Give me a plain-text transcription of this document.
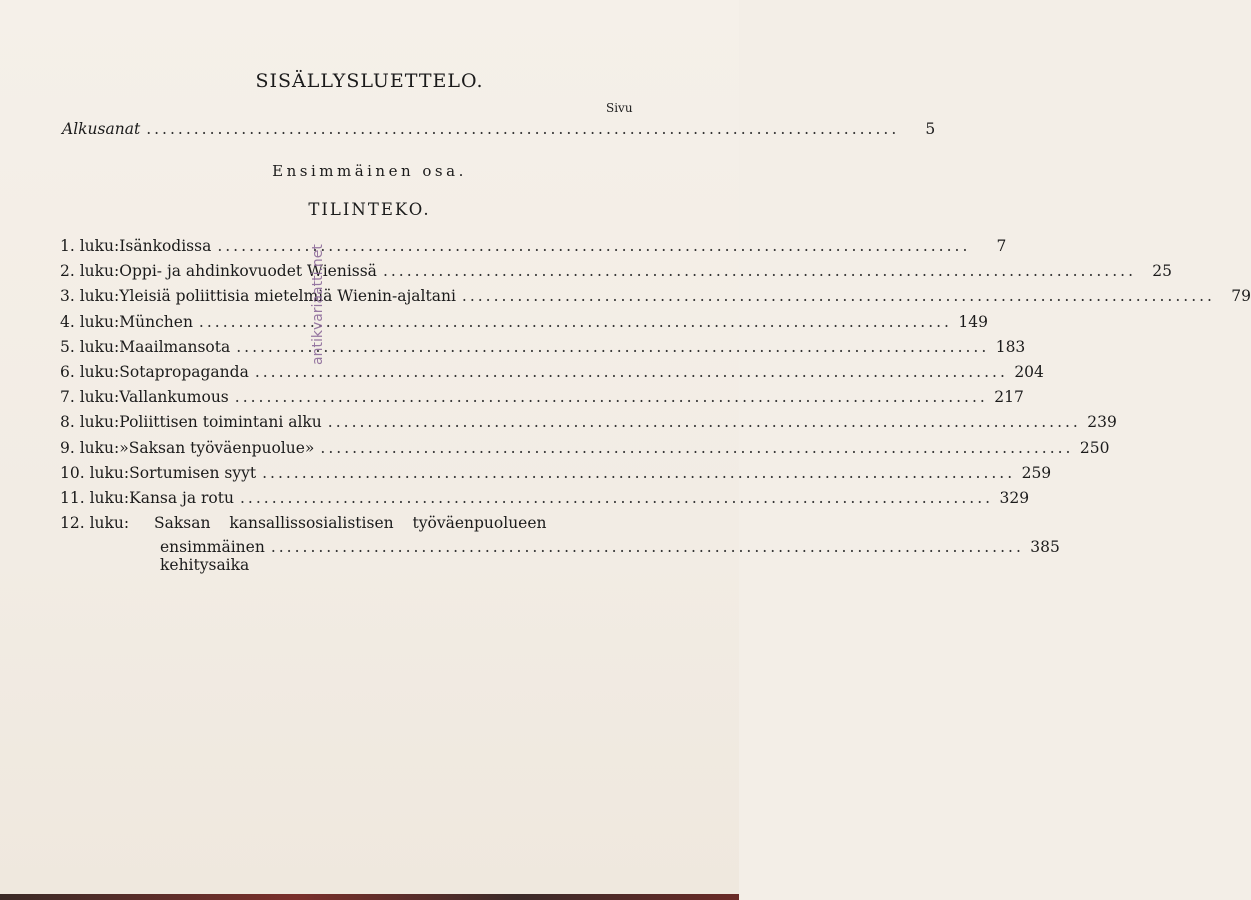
SISÄLLYSLUETTELO.
Sivu
Alkusanat ...............................................................................................	5
Ensimmäinen osa.
TILINTEKO.
1. luku: Isänkodissa ...............................................................................................	7
2. luku: Oppi- ja ahdinkovuodet Wienissä ...............................................................................................	25
3. luku: Yleisiä poliittisia mietelmiä Wienin-ajaltani ...............................................................................................	79
4. luku: München ............................................................................................... 149
5. luku: Maailmansota ............................................................................................... 183
6. luku: Sotapropaganda ............................................................................................... 204
7. luku: Vallankumous ............................................................................................... 217
8. luku: Poliittisen toimintani alku ............................................................................................... 239
9. luku: »Saksan työväenpuolue» ............................................................................................... 250
10. luku: Sortumisen syyt ............................................................................................... 259
11. luku: Kansa ja rotu ............................................................................................... 329
12. luku:	Saksan kansallissosialistisen työväenpuolueen
ensimmäinen kehitysaika
............................................................................................... 385
antikvariaatti.net
